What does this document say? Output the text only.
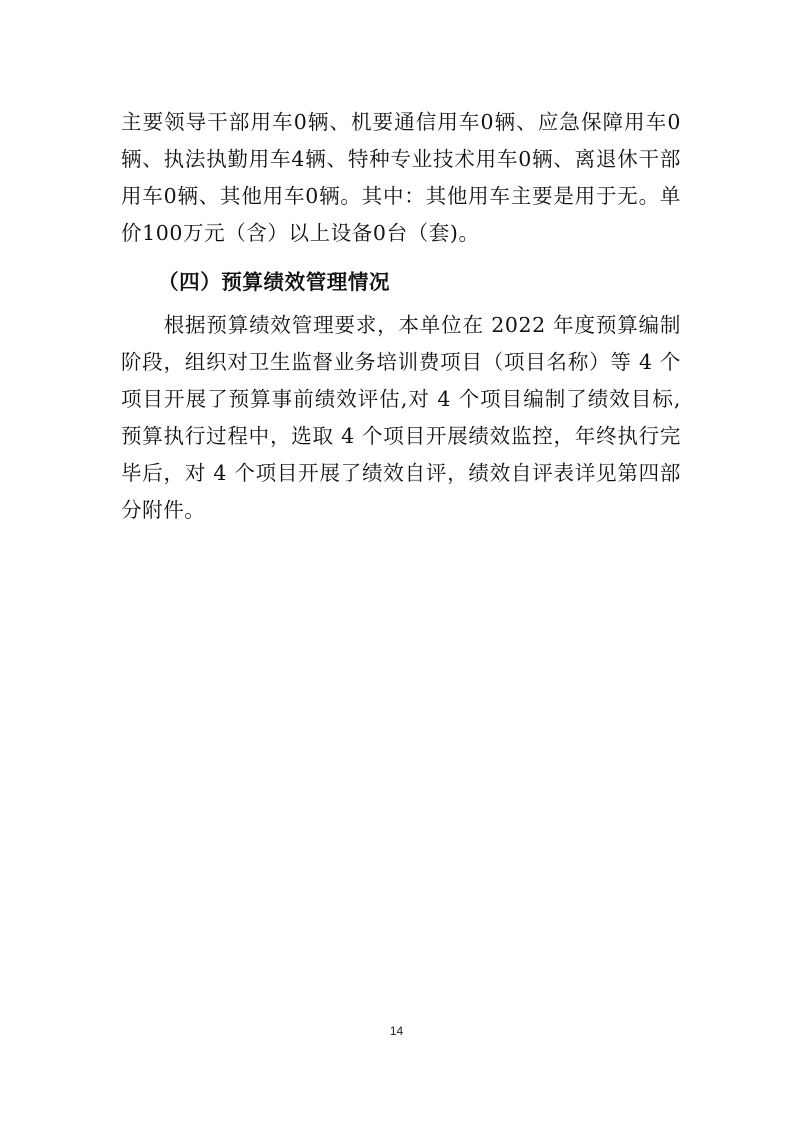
主要领导干部用车0辆、机要通信用车0辆、应急保障用车0
辆、执法执勤用车4辆、特种专业技术用车0辆、离退休干部
用车0辆、其他用车0辆。其中：其他用车主要是用于无。单
价100万元（含）以上设备0台（套)。
（四）预算绩效管理情况
　　根据预算绩效管理要求，本单位在 2022 年度预算编制
阶段，组织对卫生监督业务培训费项目（项目名称）等 4 个
项目开展了预算事前绩效评估,对 4 个项目编制了绩效目标,
预算执行过程中，选取 4 个项目开展绩效监控，年终执行完
毕后，对 4 个项目开展了绩效自评，绩效自评表详见第四部
分附件。
14
